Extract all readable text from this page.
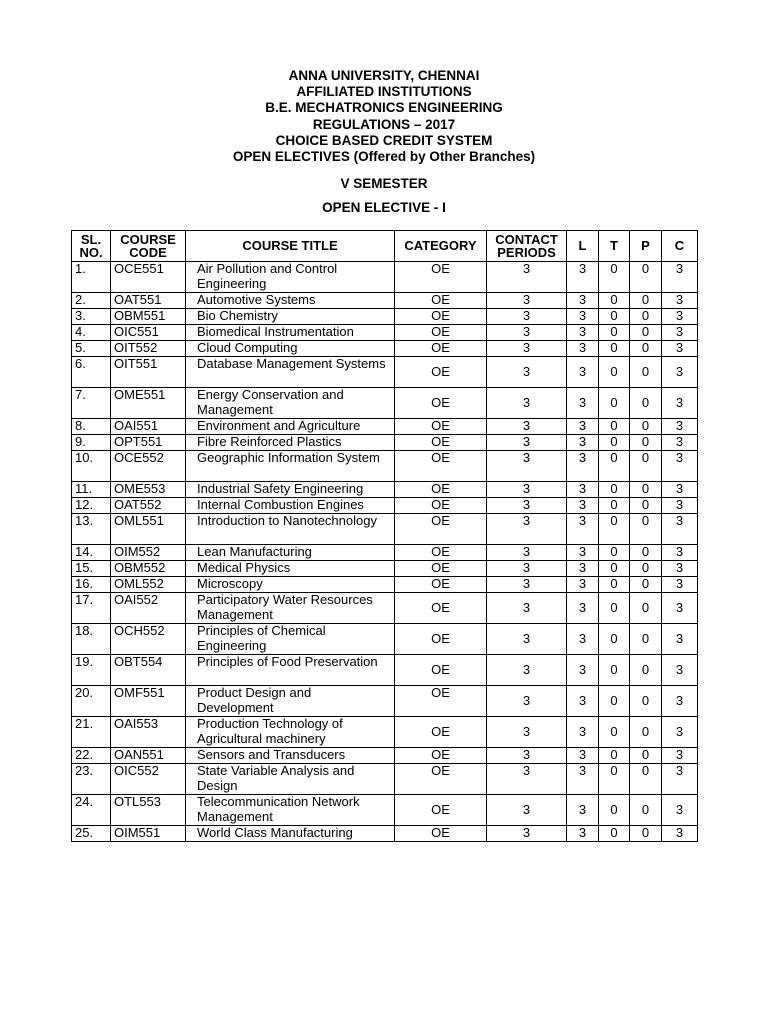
ANNA UNIVERSITY, CHENNAI
AFFILIATED INSTITUTIONS
B.E. MECHATRONICS ENGINEERING
REGULATIONS – 2017
CHOICE BASED CREDIT SYSTEM
OPEN ELECTIVES (Offered by Other Branches)
V SEMESTER
OPEN ELECTIVE - I
SL. NO.	COURSE CODE	COURSE TITLE	CATEGORY	CONTACT PERIODS	L	T	P	C
1.	OCE551	Air Pollution and Control Engineering	OE	3	3	0	0	3
2.	OAT551	Automotive Systems	OE	3	3	0	0	3
3.	OBM551	Bio Chemistry	OE	3	3	0	0	3
4.	OIC551	Biomedical Instrumentation	OE	3	3	0	0	3
5.	OIT552	Cloud Computing	OE	3	3	0	0	3
6.	OIT551	Database Management Systems	OE	3	3	0	0	3
7.	OME551	Energy Conservation and Management	OE	3	3	0	0	3
8.	OAI551	Environment and Agriculture	OE	3	3	0	0	3
9.	OPT551	Fibre Reinforced Plastics	OE	3	3	0	0	3
10.	OCE552	Geographic Information System	OE	3	3	0	0	3
11.	OME553	Industrial Safety Engineering	OE	3	3	0	0	3
12.	OAT552	Internal Combustion Engines	OE	3	3	0	0	3
13.	OML551	Introduction to Nanotechnology	OE	3	3	0	0	3
14.	OIM552	Lean Manufacturing	OE	3	3	0	0	3
15.	OBM552	Medical Physics	OE	3	3	0	0	3
16.	OML552	Microscopy	OE	3	3	0	0	3
17.	OAI552	Participatory Water Resources Management	OE	3	3	0	0	3
18.	OCH552	Principles of Chemical Engineering	OE	3	3	0	0	3
19.	OBT554	Principles of Food Preservation	OE	3	3	0	0	3
20.	OMF551	Product Design and Development	OE	3	3	0	0	3
21.	OAI553	Production Technology of Agricultural machinery	OE	3	3	0	0	3
22.	OAN551	Sensors and Transducers	OE	3	3	0	0	3
23.	OIC552	State Variable Analysis and Design	OE	3	3	0	0	3
24.	OTL553	Telecommunication Network Management	OE	3	3	0	0	3
25.	OIM551	World Class Manufacturing	OE	3	3	0	0	3
